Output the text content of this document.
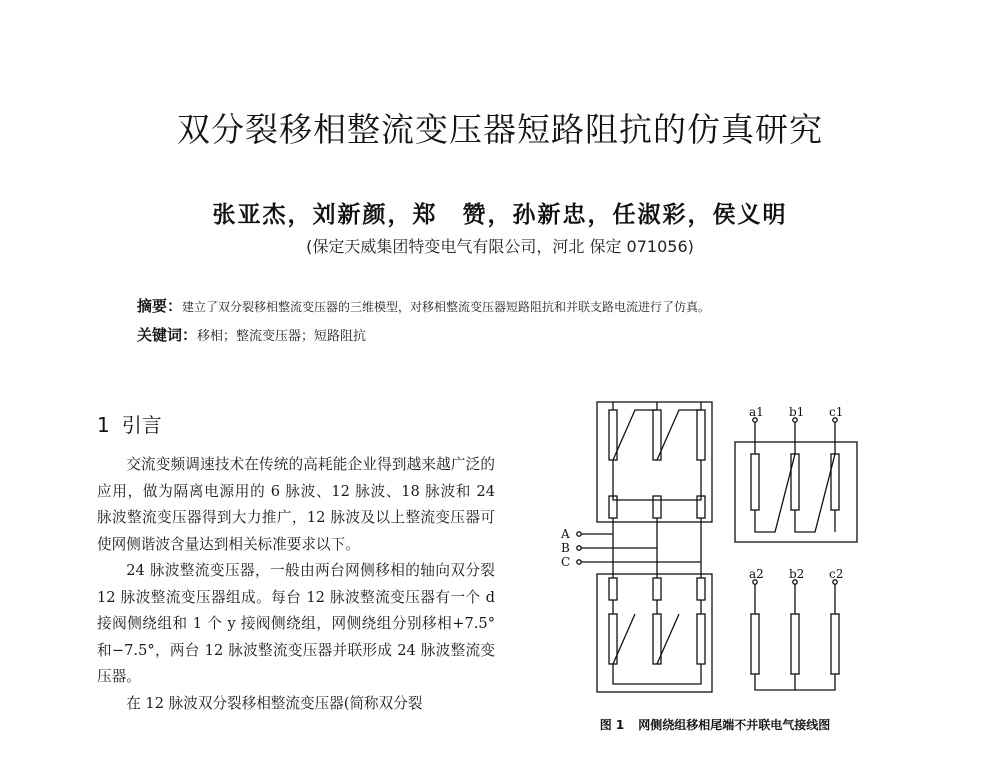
双分裂移相整流变压器短路阻抗的仿真研究
张亚杰，刘新颜，郑　赞，孙新忠，任淑彩，侯义明
(保定天威集团特变电气有限公司，河北 保定 071056)
摘要：建立了双分裂移相整流变压器的三维模型，对移相整流变压器短路阻抗和并联支路电流进行了仿真。
关键词：移相；整流变压器；短路阻抗
1 引言

交流变频调速技术在传统的高耗能企业得到越来越广泛的应用，做为隔离电源用的 6 脉波、12 脉波、18 脉波和 24 脉波整流变压器得到大力推广，12 脉波及以上整流变压器可使网侧谐波含量达到相关标准要求以下。

24 脉波整流变压器，一般由两台网侧移相的轴向双分裂 12 脉波整流变压器组成。每台 12 脉波整流变压器有一个 d 接阀侧绕组和 1 个 y 接阀侧绕组，网侧绕组分别移相+7.5°和−7.5°，两台 12 脉波整流变压器并联形成 24 脉波整流变压器。

在 12 脉波双分裂移相整流变压器(简称双分裂

A
B
C
a1 b1 c1
a2 b2 c2
图 1 网侧绕组移相尾端不并联电气接线图
